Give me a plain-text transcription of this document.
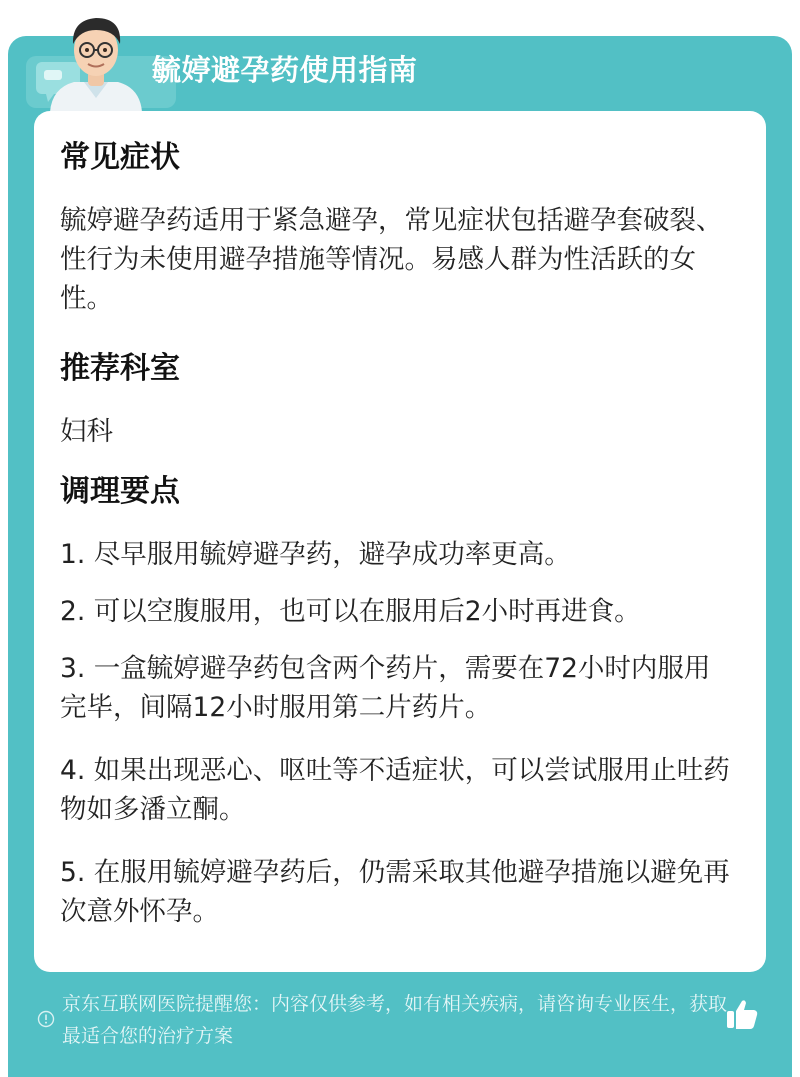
毓婷避孕药使用指南
常见症状
毓婷避孕药适用于紧急避孕，常见症状包括避孕套破裂、性行为未使用避孕措施等情况。易感人群为性活跃的女性。
推荐科室
妇科
调理要点
1. 尽早服用毓婷避孕药，避孕成功率更高。
2. 可以空腹服用，也可以在服用后2小时再进食。
3. 一盒毓婷避孕药包含两个药片，需要在72小时内服用完毕，间隔12小时服用第二片药片。
4. 如果出现恶心、呕吐等不适症状，可以尝试服用止吐药物如多潘立酮。
5. 在服用毓婷避孕药后，仍需采取其他避孕措施以避免再次意外怀孕。
京东互联网医院提醒您：内容仅供参考，如有相关疾病，请咨询专业医生，获取最适合您的治疗方案
